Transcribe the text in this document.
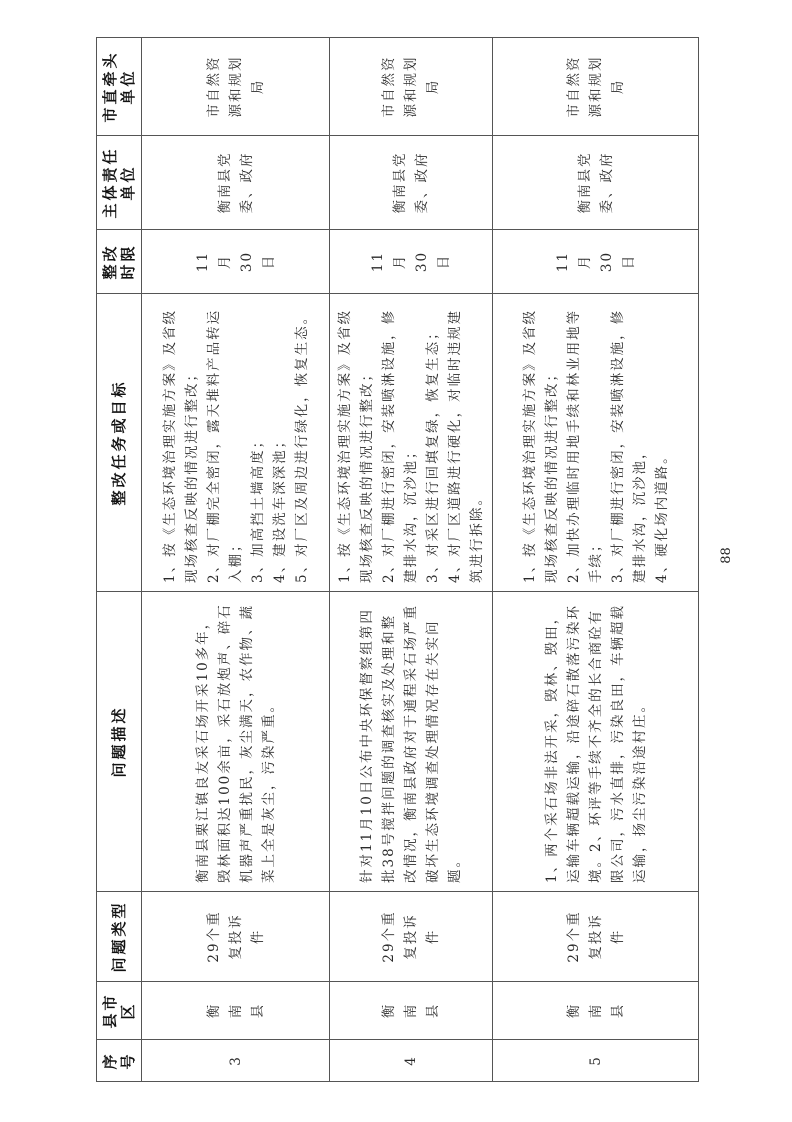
序号	县市区	问题类型	问题描述	整改任务或目标	整改时限	主体责任单位	市直牵头单位
3	衡南县	29个重复投诉件	衡南县栗江镇良友采石场开采10多年，毁林面积达100余亩，采石放炮声、碎石机器声严重扰民，灰尘满天，农作物、蔬菜上全是灰尘，污染严重。	1、按《生态环境治理实施方案》及省级现场核查反映的情况进行整改；
2、对厂棚完全密闭，露天堆料产品转运入棚；
3、加高挡土墙高度；
4、建设洗车深深池；
5、对厂区及周边进行绿化，恢复生态。	11月30日	衡南县党委、政府	市自然资源和规划局
4	衡南县	29个重复投诉件	针对11月10日公布中央环保督察组第四批38号搅拌问题的调查核实及处理和整改情况，衡南县政府对于通程采石场严重破坏生态环境调查处理情况存在失实问题。	1、按《生态环境治理实施方案》及省级现场核查反映的情况进行整改；
2、对厂棚进行密闭，安装喷淋设施，修建排水沟，沉沙池；
3、对采区进行回填复绿，恢复生态；
4、对厂区道路进行硬化，对临时违规建筑进行拆除。	11月30日	衡南县党委、政府	市自然资源和规划局
5	衡南县	29个重复投诉件	1、两个采石场非法开采，毁林、毁田，运输车辆超载运输，沿途碎石散落污染环境。2、环评等手续不齐全的长合商砼有限公司，污水直排，污染良田，车辆超载运输，扬尘污染沿途村庄。	1、按《生态环境治理实施方案》及省级现场核查反映的情况进行整改；
2、加快办理临时用地手续和林业用地等手续；
3、对厂棚进行密闭，安装喷淋设施，修建排水沟，沉沙池，
4、硬化场内道路。	11月30日	衡南县党委、政府	市自然资源和规划局
88
